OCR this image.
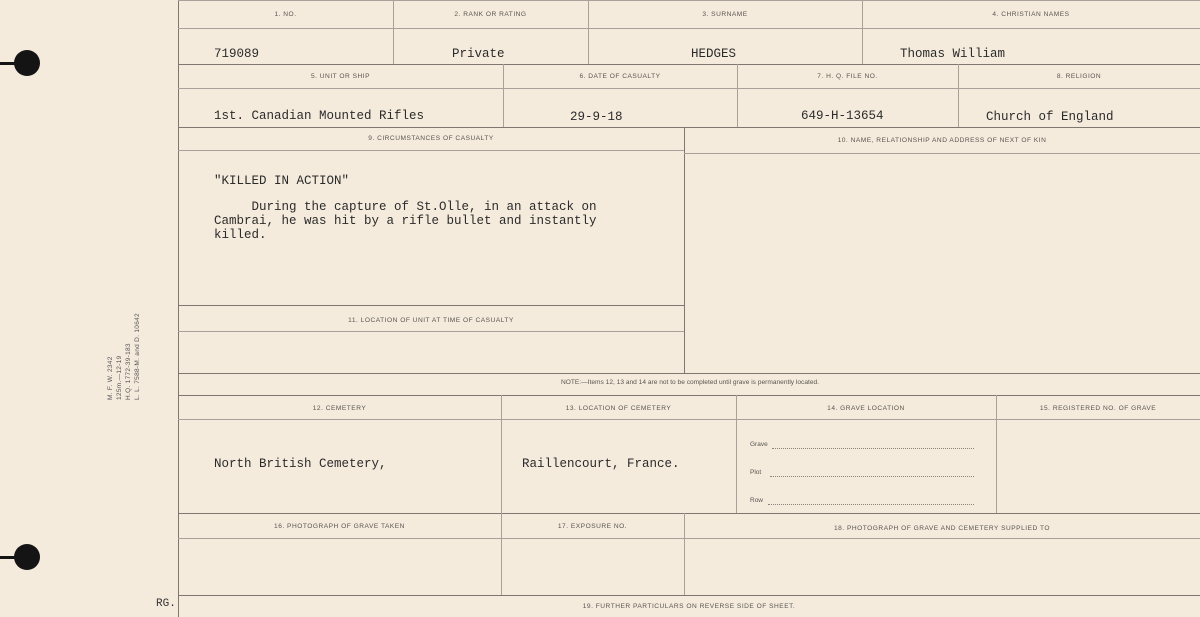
M. F. W. 2342 125m.—12-19 H.Q. 1772-39-183 L. L. 7588-M. and D. 10642
RG.
1. NO.	2. RANK OR RATING	3. SURNAME	4. CHRISTIAN NAMES
719089	Private	HEDGES	Thomas William
5. UNIT OR SHIP	6. DATE OF CASUALTY	7. H. Q. FILE NO.	8. RELIGION
1st. Canadian Mounted Rifles	29-9-18	649-H-13654	Church of England
9. CIRCUMSTANCES OF CASUALTY	10. NAME, RELATIONSHIP AND ADDRESS OF NEXT OF KIN
"KILLED IN ACTION"
During the capture of St.Olle, in an attack on
Cambrai, he was hit by a rifle bullet and instantly
killed.
11. LOCATION OF UNIT AT TIME OF CASUALTY
NOTE:—Items 12, 13 and 14 are not to be completed until grave is permanently located.
12. CEMETERY	13. LOCATION OF CEMETERY	14. GRAVE LOCATION	15. REGISTERED NO. OF GRAVE
North British Cemetery,	Raillencourt, France.
Grave
Plot
Row
16. PHOTOGRAPH OF GRAVE TAKEN	17. EXPOSURE NO.	18. PHOTOGRAPH OF GRAVE AND CEMETERY SUPPLIED TO
19. FURTHER PARTICULARS ON REVERSE SIDE OF SHEET.
